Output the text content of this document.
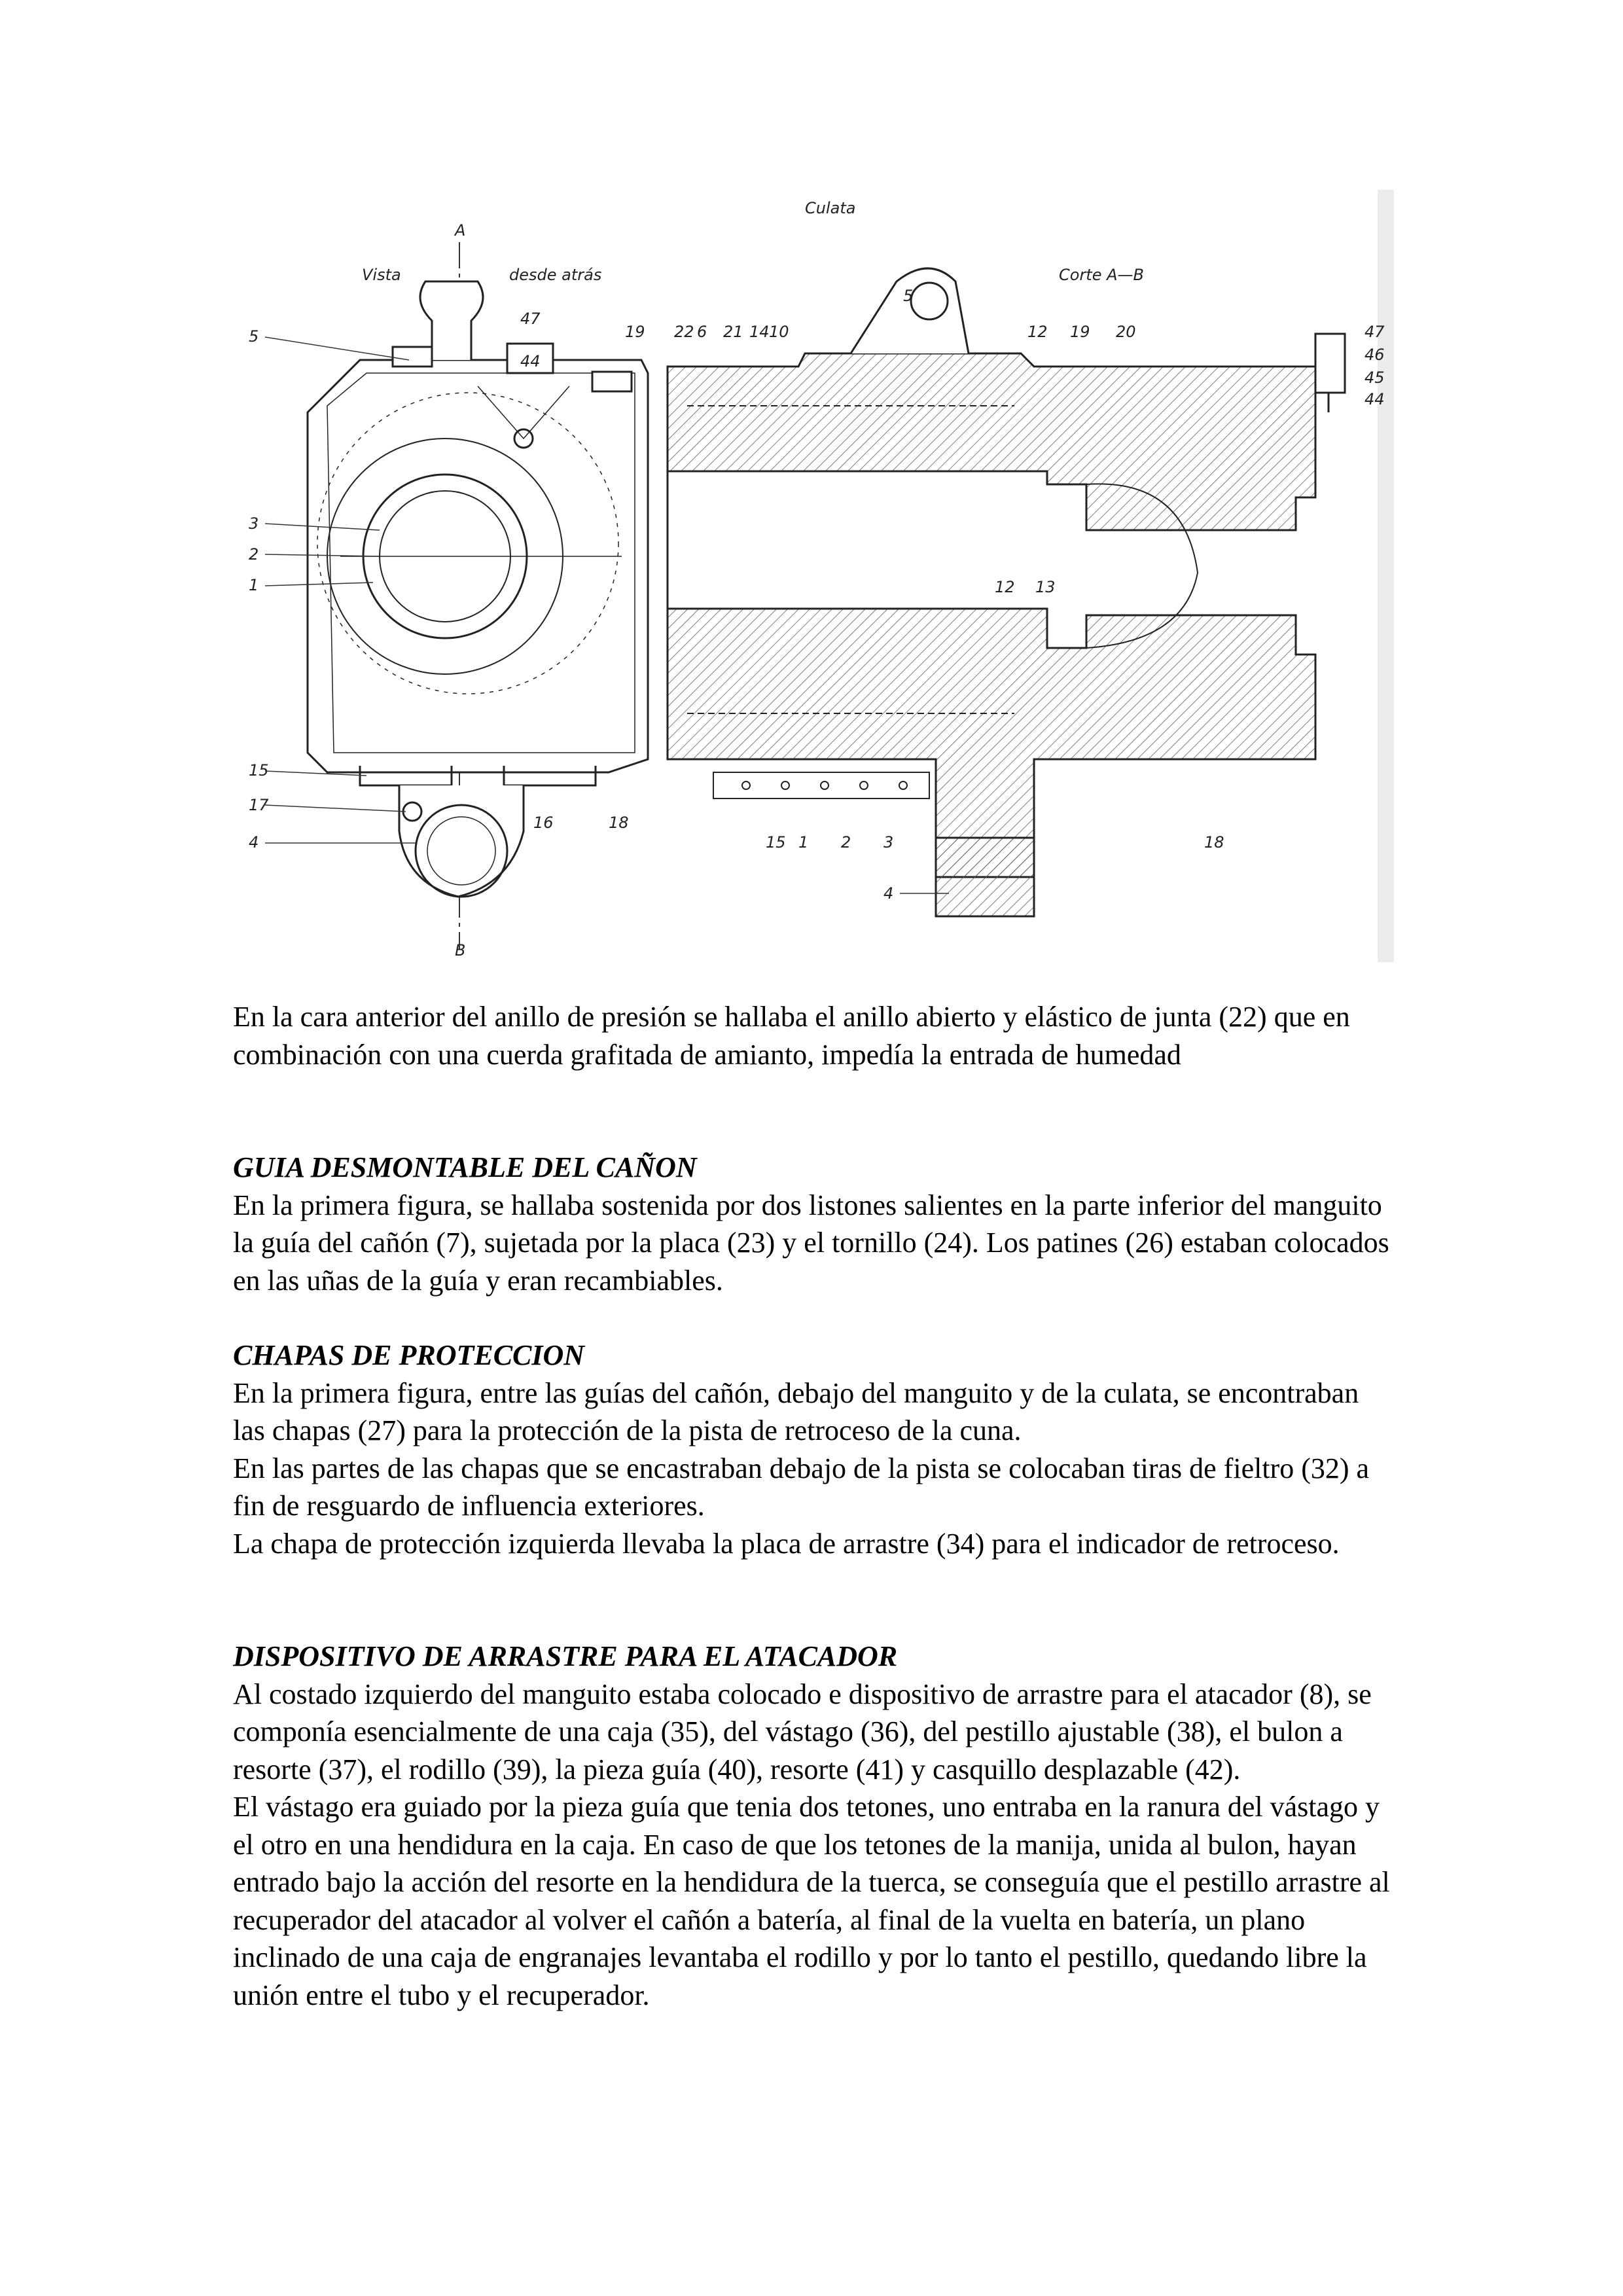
Culata
Vista	desde atrás	Corte A—B
A
B
5
47
44
19 22 6 21 14 10
5
12 19 20	47
46
45
44
3
2
1	12 13
15
17
16	18
4	15 1 2 3	18
4

En la cara anterior del anillo de presión se hallaba el anillo abierto y elástico de junta (22) que en combinación con una cuerda grafitada de amianto, impedía la entrada de humedad

GUIA DESMONTABLE DEL CAÑON

En la primera figura, se hallaba sostenida por dos listones salientes en la parte inferior del manguito la guía del cañón (7), sujetada por la placa (23) y el tornillo (24). Los patines (26) estaban colocados en las uñas de la guía y eran recambiables.

CHAPAS DE PROTECCION

En la primera figura, entre las guías del cañón, debajo del manguito y de la culata, se encontraban las chapas (27) para la protección de la pista de retroceso de la cuna.

En las partes de las chapas que se encastraban debajo de la pista se colocaban tiras de fieltro (32) a fin de resguardo de influencia exteriores.

La chapa de protección izquierda llevaba la placa de arrastre (34) para el indicador de retroceso.

DISPOSITIVO DE ARRASTRE PARA EL ATACADOR

Al costado izquierdo del manguito estaba colocado e dispositivo de arrastre para el atacador (8), se componía esencialmente de una caja (35), del vástago (36), del pestillo ajustable (38), el bulon a resorte (37), el rodillo (39), la pieza guía (40), resorte (41) y casquillo desplazable (42).

El vástago era guiado por la pieza guía que tenia dos tetones, uno entraba en la ranura del vástago y el otro en una hendidura en la caja. En caso de que los tetones de la manija, unida al bulon, hayan entrado bajo la acción del resorte en la hendidura de la tuerca, se conseguía que el pestillo arrastre al recuperador del atacador al volver el cañón a batería, al final de la vuelta en batería, un plano inclinado de una caja de engranajes levantaba el rodillo y por lo tanto el pestillo, quedando libre la unión entre el tubo y el recuperador.
